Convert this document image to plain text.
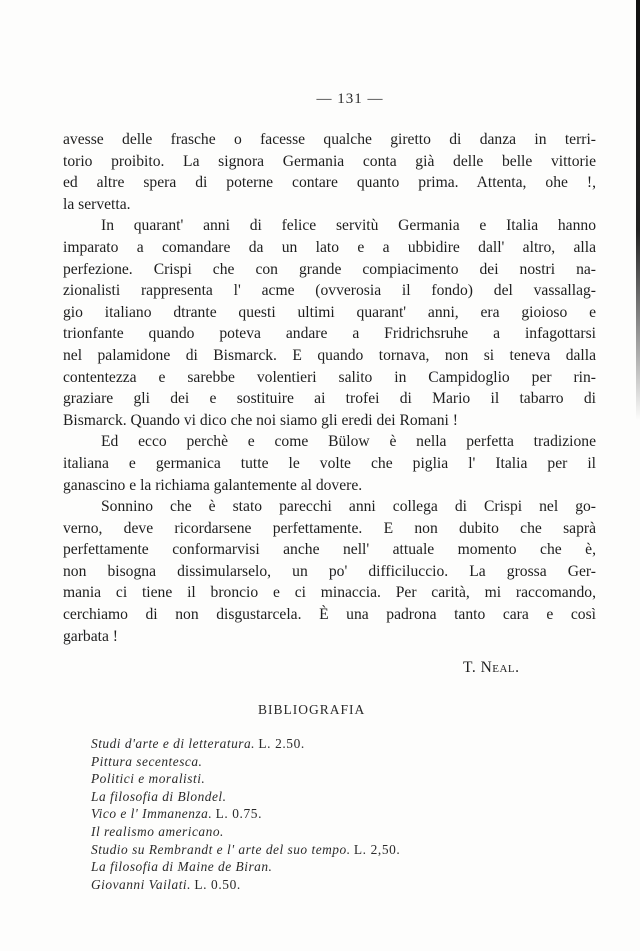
— 131 —

avesse delle frasche o facesse qualche giretto di danza in terri-
torio proibito. La signora Germania conta già delle belle vittorie
ed altre spera di poterne contare quanto prima. Attenta, ohe !,
la servetta.

In quarant' anni di felice servitù Germania e Italia hanno
imparato a comandare da un lato e a ubbidire dall' altro, alla
perfezione. Crispi che con grande compiacimento dei nostri na-
zionalisti rappresenta l' acme (ovverosia il fondo) del vassallag-
gio italiano dtrante questi ultimi quarant' anni, era gioioso e
trionfante quando poteva andare a Fridrichsruhe a infagottarsi
nel palamidone di Bismarck. E quando tornava, non si teneva dalla
contentezza e sarebbe volentieri salito in Campidoglio per rin-
graziare gli dei e sostituire ai trofei di Mario il tabarro di
Bismarck. Quando vi dico che noi siamo gli eredi dei Romani !

Ed ecco perchè e come Bülow è nella perfetta tradizione
italiana e germanica tutte le volte che piglia l' Italia per il
ganascino e la richiama galantemente al dovere.

Sonnino che è stato parecchi anni collega di Crispi nel go-
verno, deve ricordarsene perfettamente. E non dubito che saprà
perfettamente conformarvisi anche nell' attuale momento che è,
non bisogna dissimularselo, un po' difficiluccio. La grossa Ger-
mania ci tiene il broncio e ci minaccia. Per carità, mi raccomando,
cerchiamo di non disgustarcela. È una padrona tanto cara e così
garbata !

T. Neal.
BIBLIOGRAFIA
Studi d'arte e di letteratura. L. 2.50.
Pittura secentesca.
Politici e moralisti.
La filosofia di Blondel.
Vico e l' Immanenza. L. 0.75.
Il realismo americano.
Studio su Rembrandt e l' arte del suo tempo. L. 2,50.
La filosofia di Maine de Biran.
Giovanni Vailati. L. 0.50.
